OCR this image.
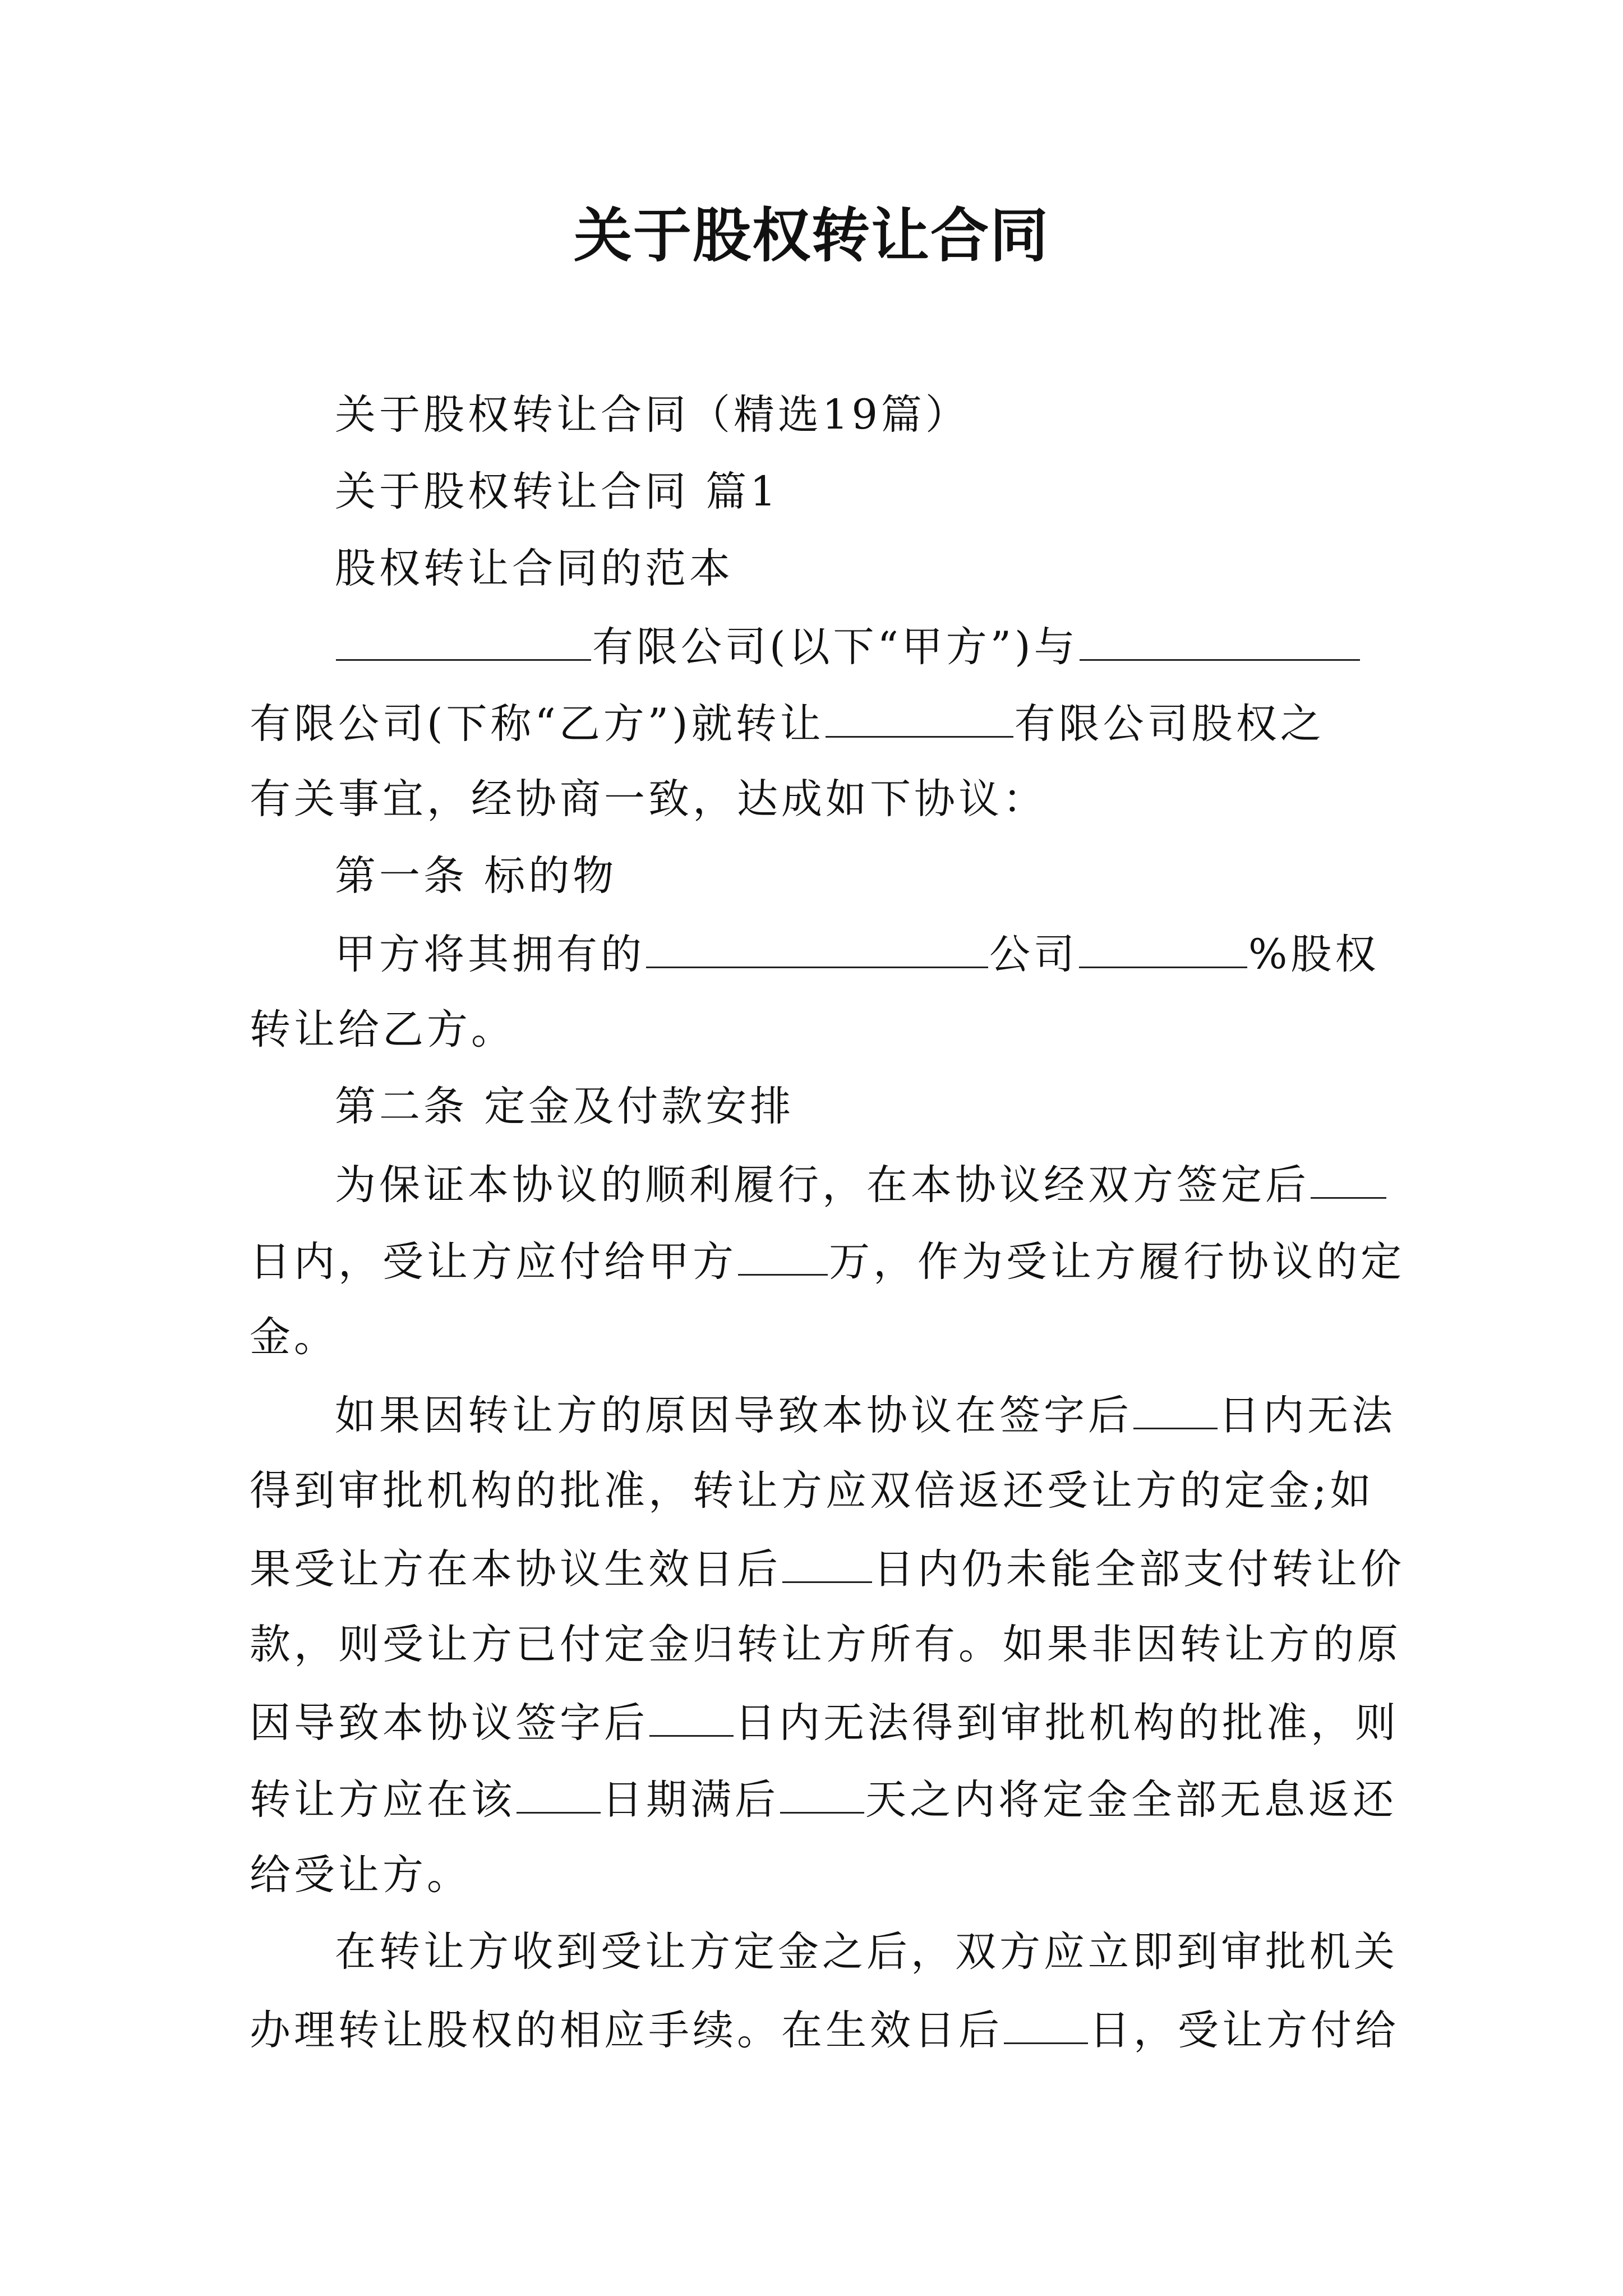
关于股权转让合同
关于股权转让合同（精选19篇）
关于股权转让合同 篇1
股权转让合同的范本
有限公司(以下“甲方”)与
有限公司(下称“乙方”)就转让	有限公司股权之
有关事宜，经协商一致，达成如下协议：
第一条 标的物
甲方将其拥有的	公司	%股权
转让给乙方。
第二条 定金及付款安排
为保证本协议的顺利履行，在本协议经双方签定后
日内，受让方应付给甲方 万，作为受让方履行协议的定
金。
如果因转让方的原因导致本协议在签字后 日内无法
得到审批机构的批准，转让方应双倍返还受让方的定金;如
果受让方在本协议生效日后 日内仍未能全部支付转让价
款，则受让方已付定金归转让方所有。如果非因转让方的原
因导致本协议签字后 日内无法得到审批机构的批准，则
转让方应在该 日期满后 天之内将定金全部无息返还
给受让方。
在转让方收到受让方定金之后，双方应立即到审批机关
办理转让股权的相应手续。在生效日后 日，受让方付给
